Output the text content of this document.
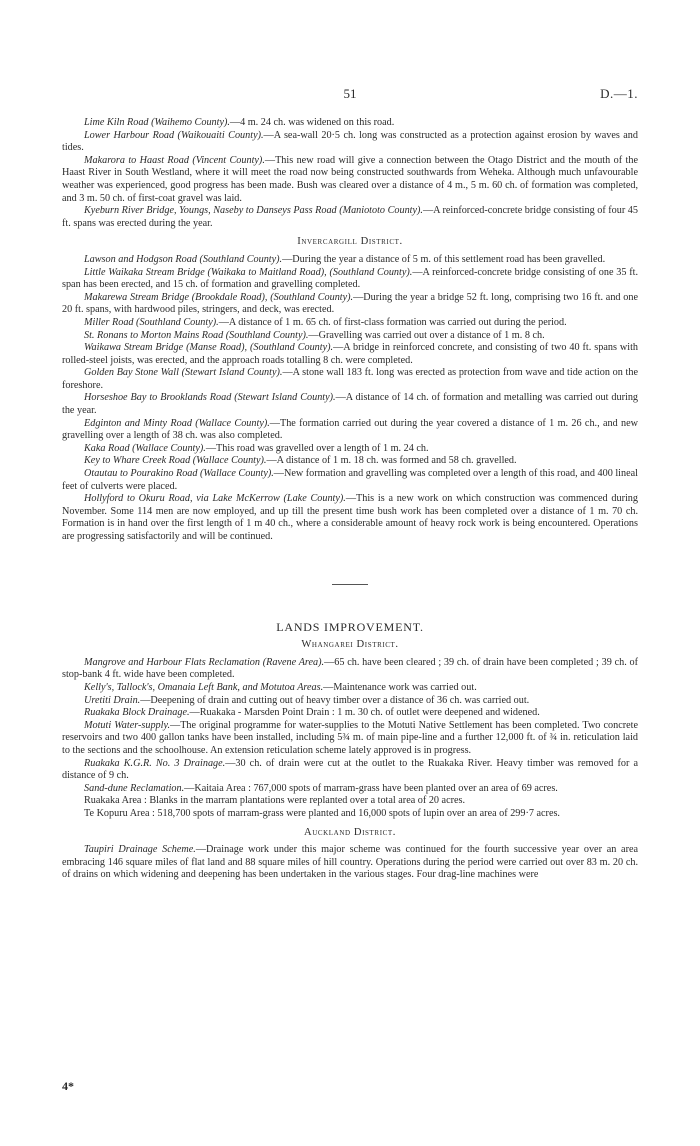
51	D.—1.

Lime Kiln Road (Waihemo County).—4 m. 24 ch. was widened on this road.

Lower Harbour Road (Waikouaiti County).—A sea-wall 20·5 ch. long was constructed as a protection against erosion by waves and tides.

Makarora to Haast Road (Vincent County).—This new road will give a connection between the Otago District and the mouth of the Haast River in South Westland, where it will meet the road now being constructed southwards from Weheka. Although much unfavourable weather was experienced, good progress has been made. Bush was cleared over a distance of 4 m., 5 m. 60 ch. of formation was completed, and 3 m. 50 ch. of first-coat gravel was laid.

Kyeburn River Bridge, Youngs, Naseby to Danseys Pass Road (Maniototo County).—A reinforced-concrete bridge consisting of four 45 ft. spans was erected during the year.

Invercargill District.

Lawson and Hodgson Road (Southland County).—During the year a distance of 5 m. of this settlement road has been gravelled.

Little Waikaka Stream Bridge (Waikaka to Maitland Road), (Southland County).—A reinforced-concrete bridge consisting of one 35 ft. span has been erected, and 15 ch. of formation and gravelling completed.

Makarewa Stream Bridge (Brookdale Road), (Southland County).—During the year a bridge 52 ft. long, comprising two 16 ft. and one 20 ft. spans, with hardwood piles, stringers, and deck, was erected.

Miller Road (Southland County).—A distance of 1 m. 65 ch. of first-class formation was carried out during the period.

St. Ronans to Morton Mains Road (Southland County).—Gravelling was carried out over a distance of 1 m. 8 ch.

Waikawa Stream Bridge (Manse Road), (Southland County).—A bridge in reinforced concrete, and consisting of two 40 ft. spans with rolled-steel joists, was erected, and the approach roads totalling 8 ch. were completed.

Golden Bay Stone Wall (Stewart Island County).—A stone wall 183 ft. long was erected as protection from wave and tide action on the foreshore.

Horseshoe Bay to Brooklands Road (Stewart Island County).—A distance of 14 ch. of formation and metalling was carried out during the year.

Edginton and Minty Road (Wallace County).—The formation carried out during the year covered a distance of 1 m. 26 ch., and new gravelling over a length of 38 ch. was also completed.

Kaka Road (Wallace County).—This road was gravelled over a length of 1 m. 24 ch.

Key to Whare Creek Road (Wallace County).—A distance of 1 m. 18 ch. was formed and 58 ch. gravelled.

Otautau to Pourakino Road (Wallace County).—New formation and gravelling was completed over a length of this road, and 400 lineal feet of culverts were placed.

Hollyford to Okuru Road, via Lake McKerrow (Lake County).—This is a new work on which construction was commenced during November. Some 114 men are now employed, and up till the present time bush work has been completed over a distance of 1 m. 70 ch. Formation is in hand over the first length of 1 m 40 ch., where a considerable amount of heavy rock work is being encountered. Operations are progressing satisfactorily and will be continued.

LANDS IMPROVEMENT.
Whangarei District.

Mangrove and Harbour Flats Reclamation (Ravene Area).—65 ch. have been cleared ; 39 ch. of drain have been completed ; 39 ch. of stop-bank 4 ft. wide have been completed.

Kelly's, Tallock's, Omanaia Left Bank, and Motutoa Areas.—Maintenance work was carried out.

Uretiti Drain.—Deepening of drain and cutting out of heavy timber over a distance of 36 ch. was carried out.

Ruakaka Block Drainage.—Ruakaka - Marsden Point Drain : 1 m. 30 ch. of outlet were deepened and widened.

Motuti Water-supply.—The original programme for water-supplies to the Motuti Native Settlement has been completed. Two concrete reservoirs and two 400 gallon tanks have been installed, including 5¾ m. of main pipe-line and a further 12,000 ft. of ¾ in. reticulation laid to the sections and the schoolhouse. An extension reticulation scheme lately approved is in progress.

Ruakaka K.G.R. No. 3 Drainage.—30 ch. of drain were cut at the outlet to the Ruakaka River. Heavy timber was removed for a distance of 9 ch.

Sand-dune Reclamation.—Kaitaia Area : 767,000 spots of marram-grass have been planted over an area of 69 acres.

Ruakaka Area : Blanks in the marram plantations were replanted over a total area of 20 acres.

Te Kopuru Area : 518,700 spots of marram-grass were planted and 16,000 spots of lupin over an area of 299·7 acres.

Auckland District.

Taupiri Drainage Scheme.—Drainage work under this major scheme was continued for the fourth successive year over an area embracing 146 square miles of flat land and 88 square miles of hill country. Operations during the period were carried out over 83 m. 20 ch. of drains on which widening and deepening has been undertaken in the various stages. Four drag-line machines were

4*
